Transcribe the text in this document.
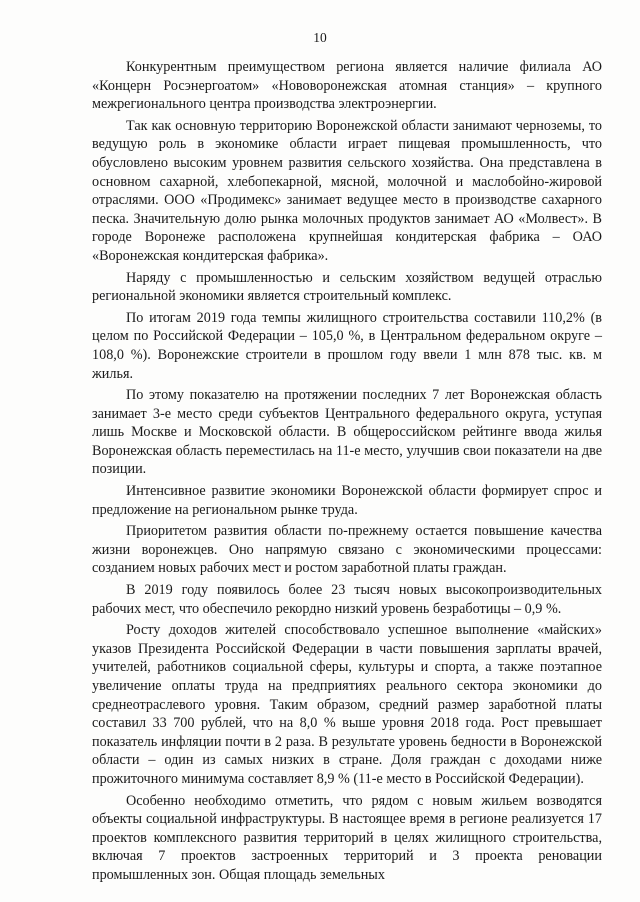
10

Конкурентным преимуществом региона является наличие филиала АО «Концерн Росэнергоатом» «Нововоронежская атомная станция» – крупного межрегионального центра производства электроэнергии.

Так как основную территорию Воронежской области занимают черноземы, то ведущую роль в экономике области играет пищевая промышленность, что обусловлено высоким уровнем развития сельского хозяйства. Она представлена в основном сахарной, хлебопекарной, мясной, молочной и маслобойно-жировой отраслями. ООО «Продимекс» занимает ведущее место в производстве сахарного песка. Значительную долю рынка молочных продуктов занимает АО «Молвест». В городе Воронеже расположена крупнейшая кондитерская фабрика – ОАО «Воронежская кондитерская фабрика».

Наряду с промышленностью и сельским хозяйством ведущей отраслью региональной экономики является строительный комплекс.

По итогам 2019 года темпы жилищного строительства составили 110,2% (в целом по Российской Федерации – 105,0 %, в Центральном федеральном округе – 108,0 %). Воронежские строители в прошлом году ввели 1 млн 878 тыс. кв. м жилья.

По этому показателю на протяжении последних 7 лет Воронежская область занимает 3-е место среди субъектов Центрального федерального округа, уступая лишь Москве и Московской области. В общероссийском рейтинге ввода жилья Воронежская область переместилась на 11-е место, улучшив свои показатели на две позиции.

Интенсивное развитие экономики Воронежской области формирует спрос и предложение на региональном рынке труда.

Приоритетом развития области по-прежнему остается повышение качества жизни воронежцев. Оно напрямую связано с экономическими процессами: созданием новых рабочих мест и ростом заработной платы граждан.

В 2019 году появилось более 23 тысяч новых высокопроизводительных рабочих мест, что обеспечило рекордно низкий уровень безработицы – 0,9 %.

Росту доходов жителей способствовало успешное выполнение «майских» указов Президента Российской Федерации в части повышения зарплаты врачей, учителей, работников социальной сферы, культуры и спорта, а также поэтапное увеличение оплаты труда на предприятиях реального сектора экономики до среднеотраслевого уровня. Таким образом, средний размер заработной платы составил 33 700 рублей, что на 8,0 % выше уровня 2018 года. Рост превышает показатель инфляции почти в 2 раза. В результате уровень бедности в Воронежской области – один из самых низких в стране. Доля граждан с доходами ниже прожиточного минимума составляет 8,9 % (11-е место в Российской Федерации).

Особенно необходимо отметить, что рядом с новым жильем возводятся объекты социальной инфраструктуры. В настоящее время в регионе реализуется 17 проектов комплексного развития территорий в целях жилищного строительства, включая 7 проектов застроенных территорий и 3 проекта реновации промышленных зон. Общая площадь земельных
